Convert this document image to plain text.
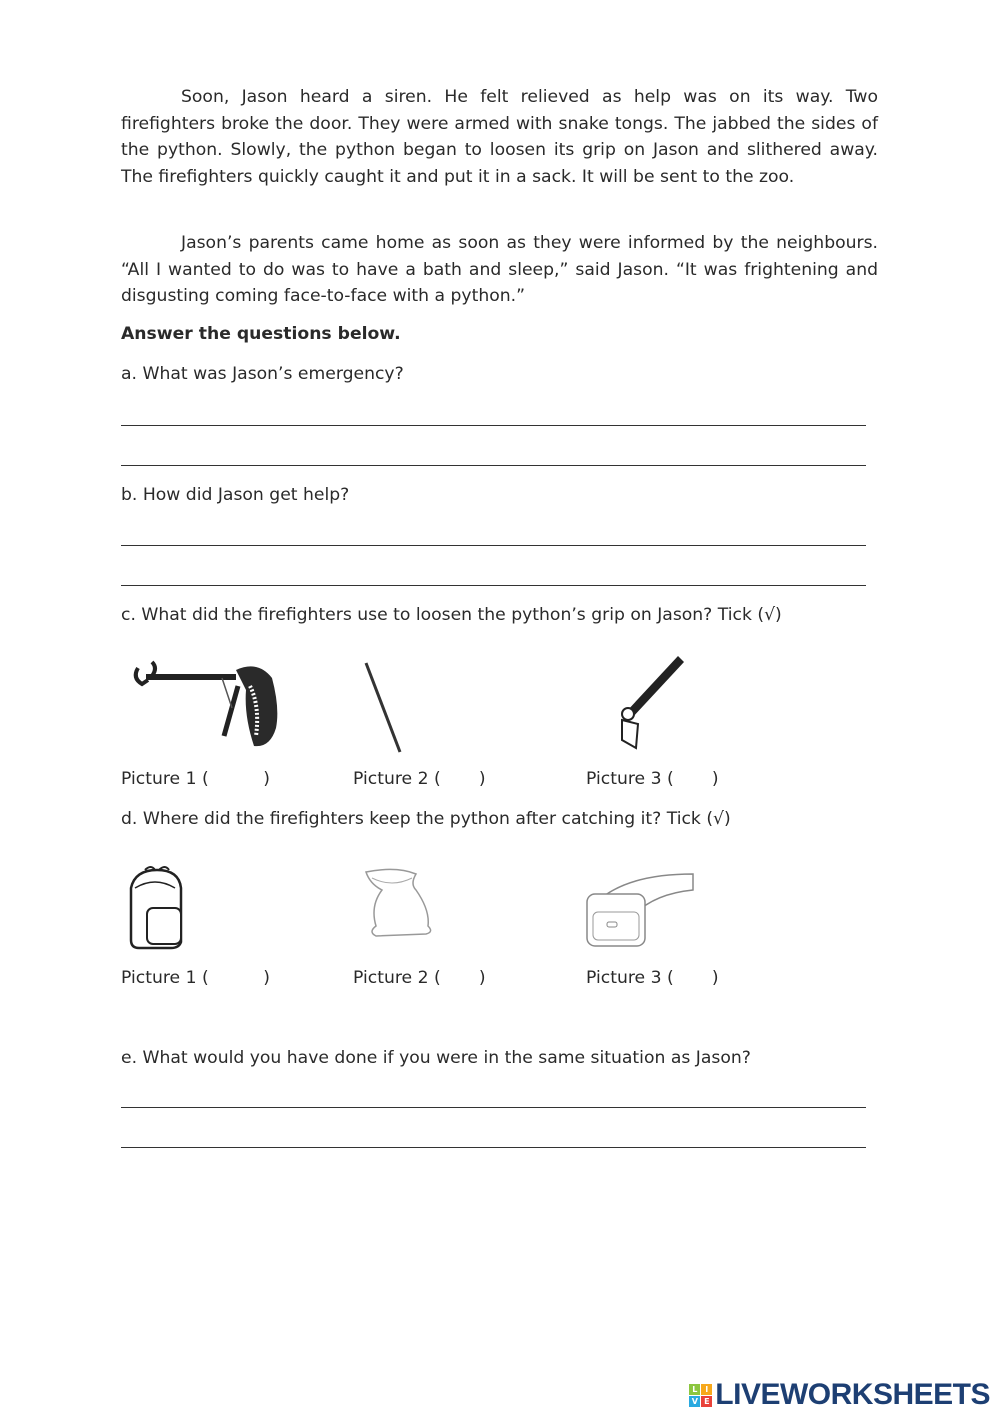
Soon, Jason heard a siren. He felt relieved as help was on its way. Two firefighters broke the door. They were armed with snake tongs. The jabbed the sides of the python. Slowly, the python began to loosen its grip on Jason and slithered away. The firefighters quickly caught it and put it in a sack. It will be sent to the zoo.
Jason’s parents came home as soon as they were informed by the neighbours. “All I wanted to do was to have a bath and sleep,” said Jason. “It was frightening and disgusting coming face-to-face with a python.”
Answer the questions below.
a. What was Jason’s emergency?
b. How did Jason get help?
c. What did the firefighters use to loosen the python’s grip on Jason? Tick (√)
Picture 1 (          )	Picture 2 (       )	Picture 3 (       )
d. Where did the firefighters keep the python after catching it? Tick (√)
Picture 1 (          )	Picture 2 (       )	Picture 3 (       )
e. What would you have done if you were in the same situation as Jason?
L I
V E LIVEWORKSHEETS
